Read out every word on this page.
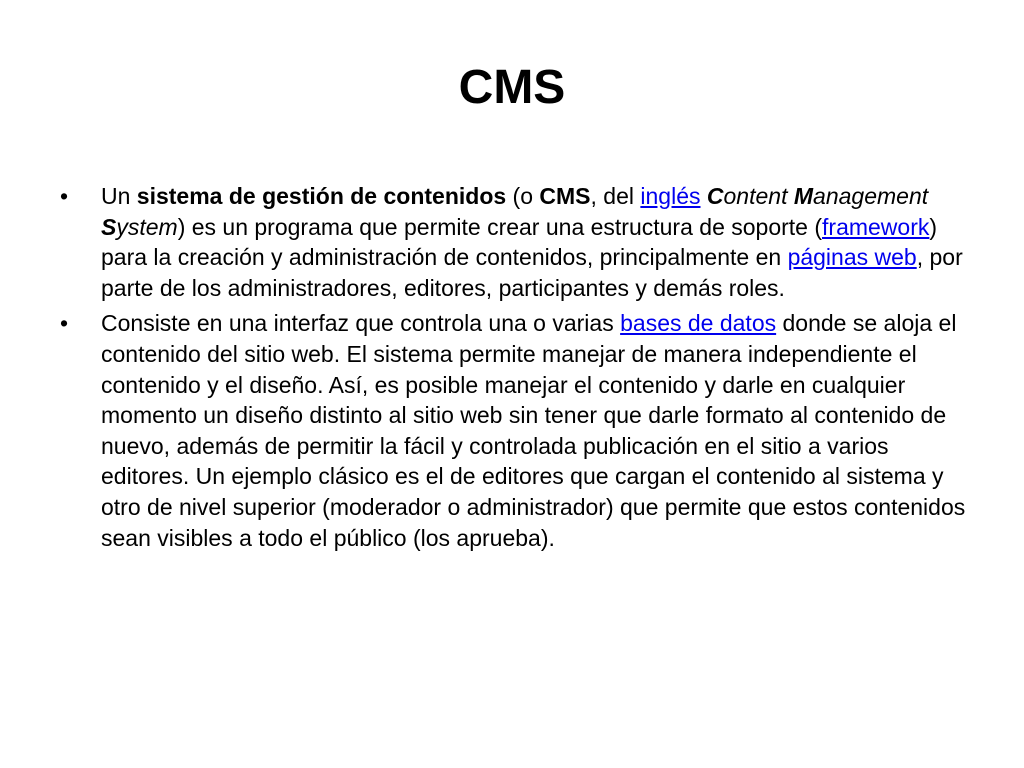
CMS
• Un sistema de gestión de contenidos (o CMS, del inglés Content Management System) es un programa que permite crear una estructura de soporte (framework) para la creación y administración de contenidos, principalmente en páginas web, por parte de los administradores, editores, participantes y demás roles.
• Consiste en una interfaz que controla una o varias bases de datos donde se aloja el contenido del sitio web. El sistema permite manejar de manera independiente el contenido y el diseño. Así, es posible manejar el contenido y darle en cualquier momento un diseño distinto al sitio web sin tener que darle formato al contenido de nuevo, además de permitir la fácil y controlada publicación en el sitio a varios editores. Un ejemplo clásico es el de editores que cargan el contenido al sistema y otro de nivel superior (moderador o administrador) que permite que estos contenidos sean visibles a todo el público (los aprueba).
